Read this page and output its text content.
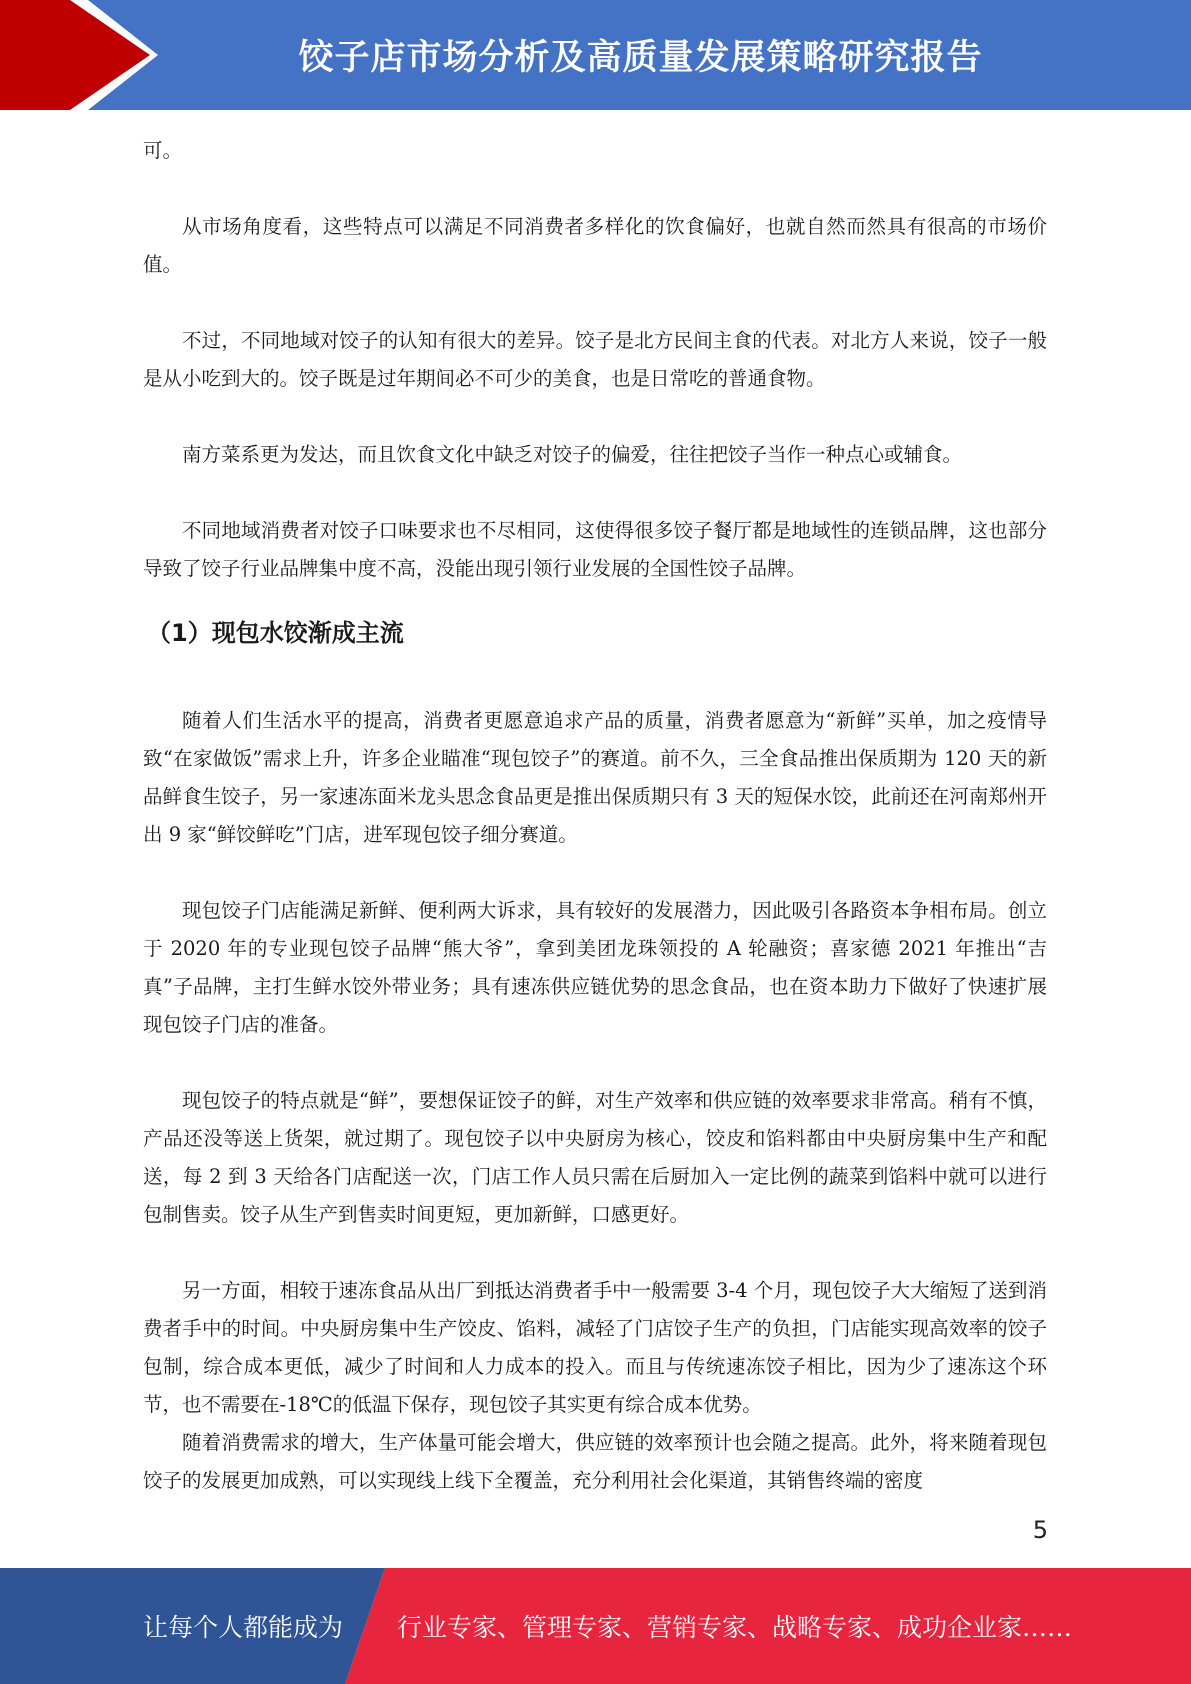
饺子店市场分析及高质量发展策略研究报告

可。

从市场角度看，这些特点可以满足不同消费者多样化的饮食偏好，也就自然而然具有很高的市场价值。

不过，不同地域对饺子的认知有很大的差异。饺子是北方民间主食的代表。对北方人来说，饺子一般是从小吃到大的。饺子既是过年期间必不可少的美食，也是日常吃的普通食物。

南方菜系更为发达，而且饮食文化中缺乏对饺子的偏爱，往往把饺子当作一种点心或辅食。

不同地域消费者对饺子口味要求也不尽相同，这使得很多饺子餐厅都是地域性的连锁品牌，这也部分导致了饺子行业品牌集中度不高，没能出现引领行业发展的全国性饺子品牌。

（1）现包水饺渐成主流

随着人们生活水平的提高，消费者更愿意追求产品的质量，消费者愿意为“新鲜”买单，加之疫情导致“在家做饭”需求上升，许多企业瞄准“现包饺子”的赛道。前不久，三全食品推出保质期为 120 天的新品鲜食生饺子，另一家速冻面米龙头思念食品更是推出保质期只有 3 天的短保水饺，此前还在河南郑州开出 9 家“鲜饺鲜吃”门店，进军现包饺子细分赛道。

现包饺子门店能满足新鲜、便利两大诉求，具有较好的发展潜力，因此吸引各路资本争相布局。创立于 2020 年的专业现包饺子品牌“熊大爷”，拿到美团龙珠领投的 A 轮融资；喜家德 2021 年推出“吉真”子品牌，主打生鲜水饺外带业务；具有速冻供应链优势的思念食品，也在资本助力下做好了快速扩展现包饺子门店的准备。

现包饺子的特点就是“鲜”，要想保证饺子的鲜，对生产效率和供应链的效率要求非常高。稍有不慎，产品还没等送上货架，就过期了。现包饺子以中央厨房为核心，饺皮和馅料都由中央厨房集中生产和配送，每 2 到 3 天给各门店配送一次，门店工作人员只需在后厨加入一定比例的蔬菜到馅料中就可以进行包制售卖。饺子从生产到售卖时间更短，更加新鲜，口感更好。

另一方面，相较于速冻食品从出厂到抵达消费者手中一般需要 3-4 个月，现包饺子大大缩短了送到消费者手中的时间。中央厨房集中生产饺皮、馅料，减轻了门店饺子生产的负担，门店能实现高效率的饺子包制，综合成本更低，减少了时间和人力成本的投入。而且与传统速冻饺子相比，因为少了速冻这个环节，也不需要在-18℃的低温下保存，现包饺子其实更有综合成本优势。

随着消费需求的增大，生产体量可能会增大，供应链的效率预计也会随之提高。此外，将来随着现包饺子的发展更加成熟，可以实现线上线下全覆盖，充分利用社会化渠道，其销售终端的密度

5
让每个人都能成为 行业专家、管理专家、营销专家、战略专家、成功企业家……
